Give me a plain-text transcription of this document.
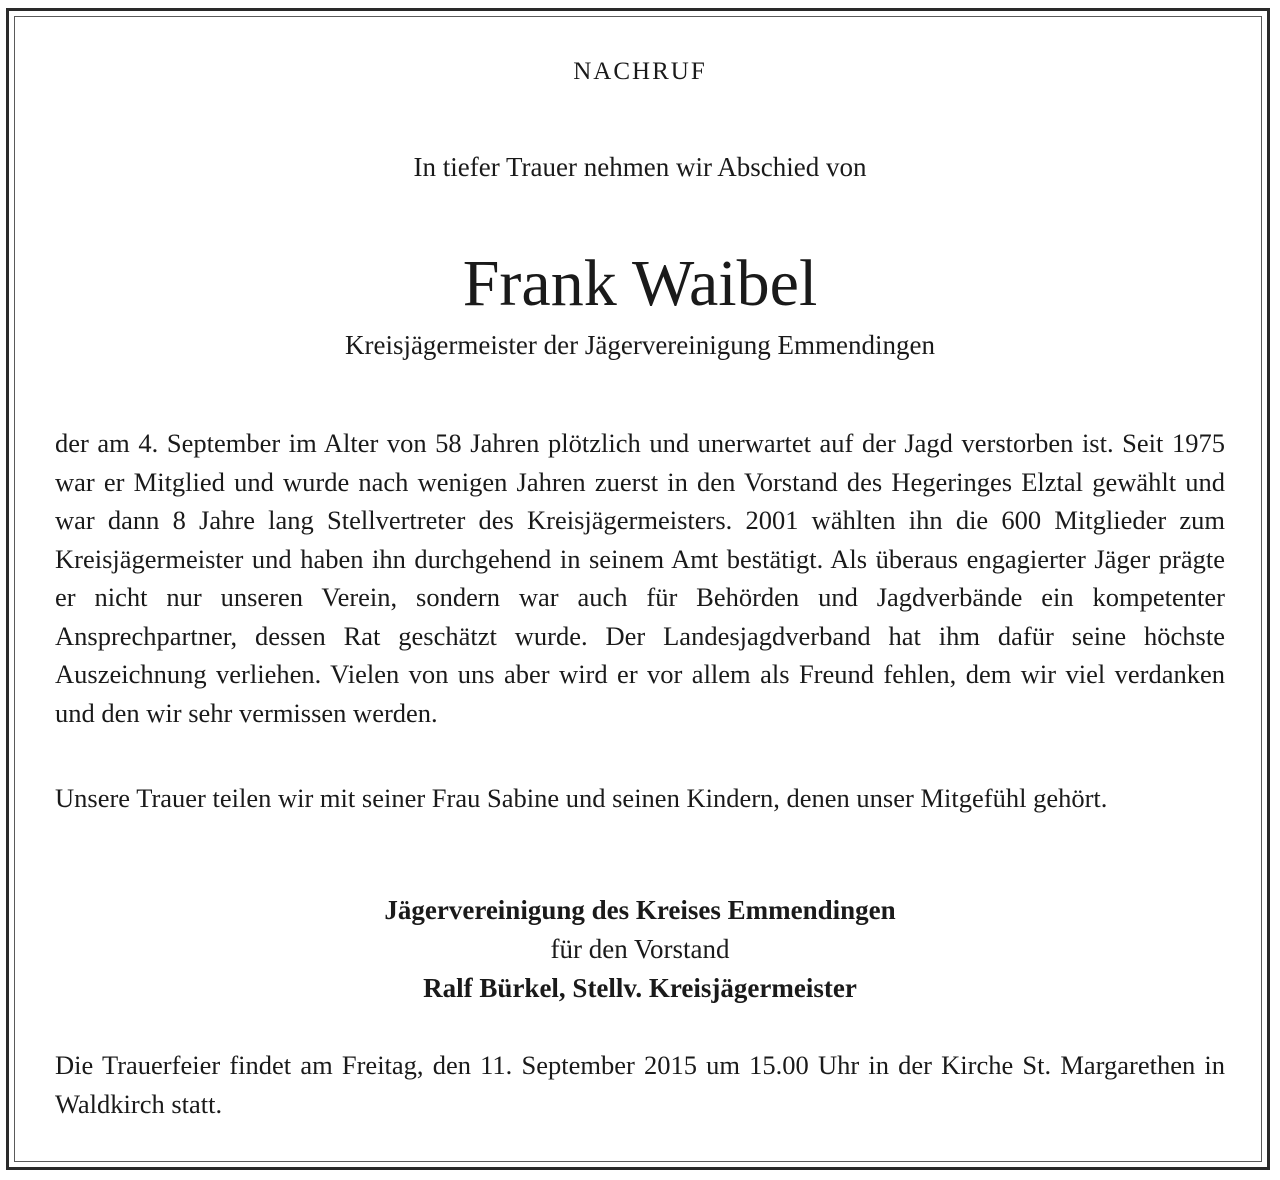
NACHRUF
In tiefer Trauer nehmen wir Abschied von
Frank Waibel
Kreisjägermeister der Jägervereinigung Emmendingen

der am 4. September im Alter von 58 Jahren plötzlich und unerwartet auf der Jagd verstorben ist. Seit 1975 war er Mitglied und wurde nach wenigen Jahren zuerst in den Vorstand des Hegeringes Elztal gewählt und war dann 8 Jahre lang Stellvertreter des Kreisjägermeisters. 2001 wählten ihn die 600 Mitglieder zum Kreisjägermeister und haben ihn durchgehend in seinem Amt bestätigt. Als überaus engagierter Jäger prägte er nicht nur unseren Verein, sondern war auch für Behörden und Jagdverbände ein kompetenter Ansprechpartner, dessen Rat geschätzt wurde. Der Landesjagdverband hat ihm dafür seine höchste Auszeichnung verliehen. Vielen von uns aber wird er vor allem als Freund fehlen, dem wir viel verdanken und den wir sehr vermissen werden.

Unsere Trauer teilen wir mit seiner Frau Sabine und seinen Kindern, denen unser Mitgefühl gehört.

Jägervereinigung des Kreises Emmendingen
für den Vorstand
Ralf Bürkel, Stellv. Kreisjägermeister

Die Trauerfeier findet am Freitag, den 11. September 2015 um 15.00 Uhr in der Kirche St. Margarethen in Waldkirch statt.
